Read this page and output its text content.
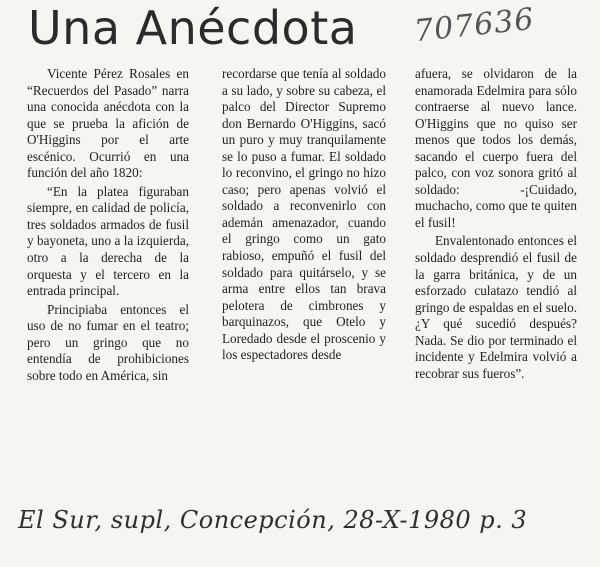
Una Anécdota 707636

Vicente Pérez Rosales en “Recuerdos del Pasado” narra una conocida anécdota con la que se prueba la afición de O'Higgins por el arte escénico. Ocurrió en una función del año 1820:

“En la platea figuraban siempre, en calidad de policía, tres soldados armados de fusil y bayoneta, uno a la izquierda, otro a la derecha de la orquesta y el tercero en la entrada principal.

Principiaba entonces el uso de no fumar en el teatro; pero un gringo que no entendía de prohibiciones sobre todo en América, sin

recordarse que tenía al soldado a su lado, y sobre su cabeza, el palco del Director Supremo don Bernardo O'Higgins, sacó un puro y muy tranquilamente se lo puso a fumar. El soldado lo reconvino, el gringo no hizo caso; pero apenas volvió el soldado a reconvenirlo con ademán amenazador, cuando el gringo como un gato rabioso, empuñó el fusil del soldado para quitárselo, y se arma entre ellos tan brava pelotera de cimbrones y barquinazos, que Otelo y Loredado desde el proscenio y los espectadores desde

afuera, se olvidaron de la enamorada Edelmira para sólo contraerse al nuevo lance. O'Higgins que no quiso ser menos que todos los demás, sacando el cuerpo fuera del palco, con voz sonora gritó al soldado: -¡Cuidado, muchacho, como que te quiten el fusil!

Envalentonado entonces el soldado desprendió el fusil de la garra británica, y de un esforzado culatazo tendió al gringo de espaldas en el suelo. ¿Y qué sucedió después? Nada. Se dio por terminado el incidente y Edelmira volvió a recobrar sus fueros”.

El Sur, supl, Concepción, 28-X-1980 p. 3
